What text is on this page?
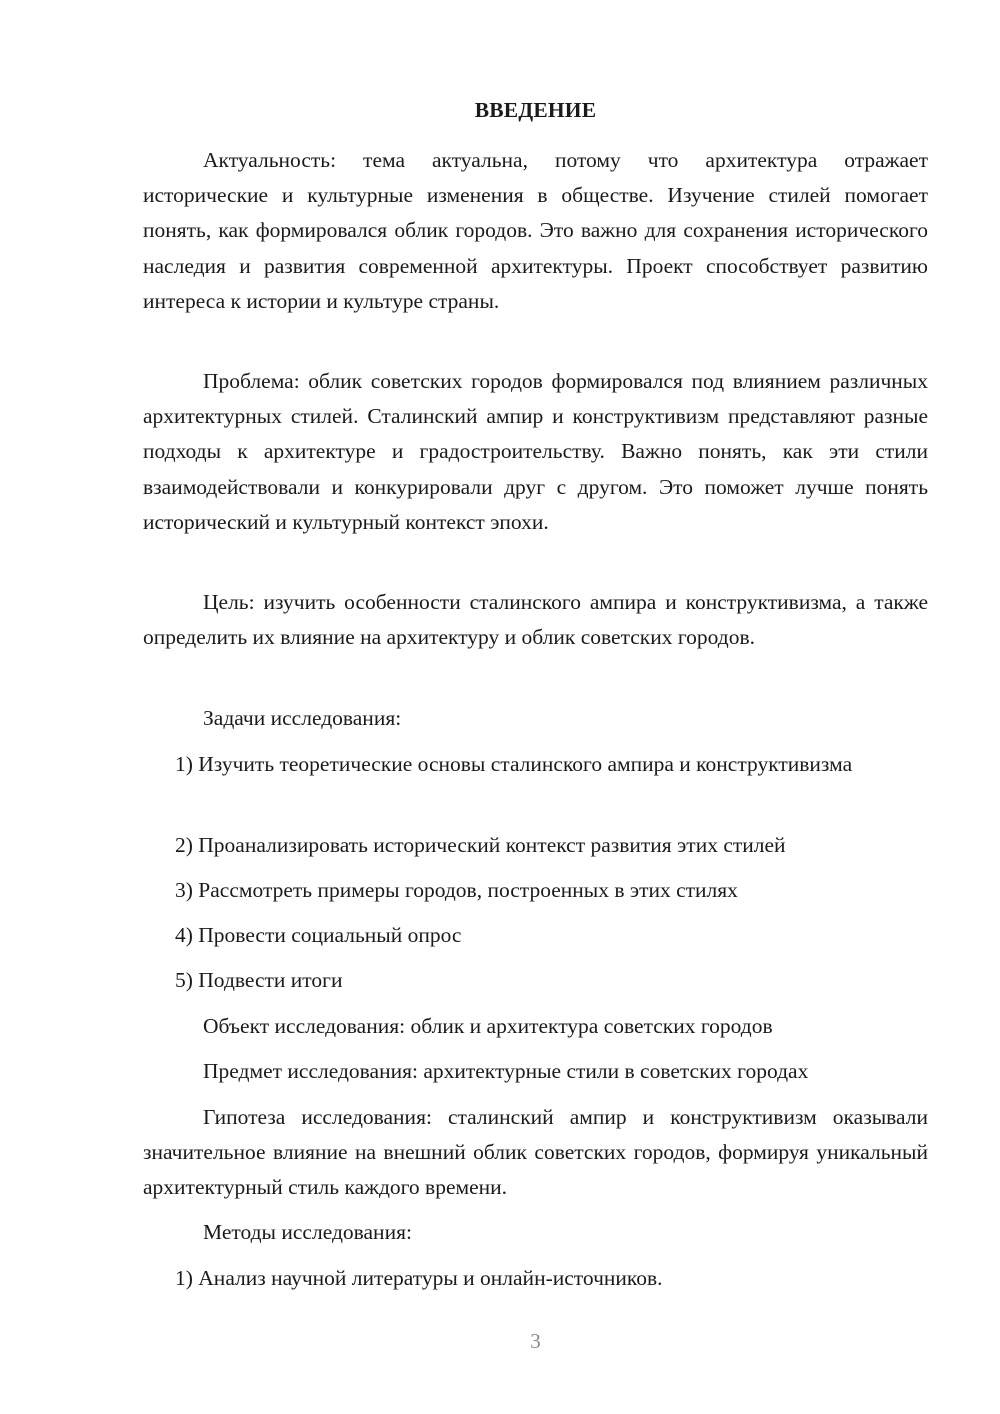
ВВЕДЕНИЕ

Актуальность: тема актуальна, потому что архитектура отражает исторические и культурные изменения в обществе. Изучение стилей помогает понять, как формировался облик городов. Это важно для сохранения исторического наследия и развития современной архитектуры. Проект способствует развитию интереса к истории и культуре страны.

Проблема: облик советских городов формировался под влиянием различных архитектурных стилей. Сталинский ампир и конструктивизм представляют разные подходы к архитектуре и градостроительству. Важно понять, как эти стили взаимодействовали и конкурировали друг с другом. Это поможет лучше понять исторический и культурный контекст эпохи.

Цель: изучить особенности сталинского ампира и конструктивизма, а также определить их влияние на архитектуру и облик советских городов.

Задачи исследования:

1) Изучить теоретические основы сталинского ампира и конструктивизма

2) Проанализировать исторический контекст развития этих стилей

3) Рассмотреть примеры городов, построенных в этих стилях

4) Провести социальный опрос

5) Подвести итоги

Объект исследования: облик и архитектура советских городов

Предмет исследования: архитектурные стили в советских городах

Гипотеза исследования: сталинский ампир и конструктивизм оказывали значительное влияние на внешний облик советских городов, формируя уникальный архитектурный стиль каждого времени.

Методы исследования:

1) Анализ научной литературы и онлайн-источников.

3
